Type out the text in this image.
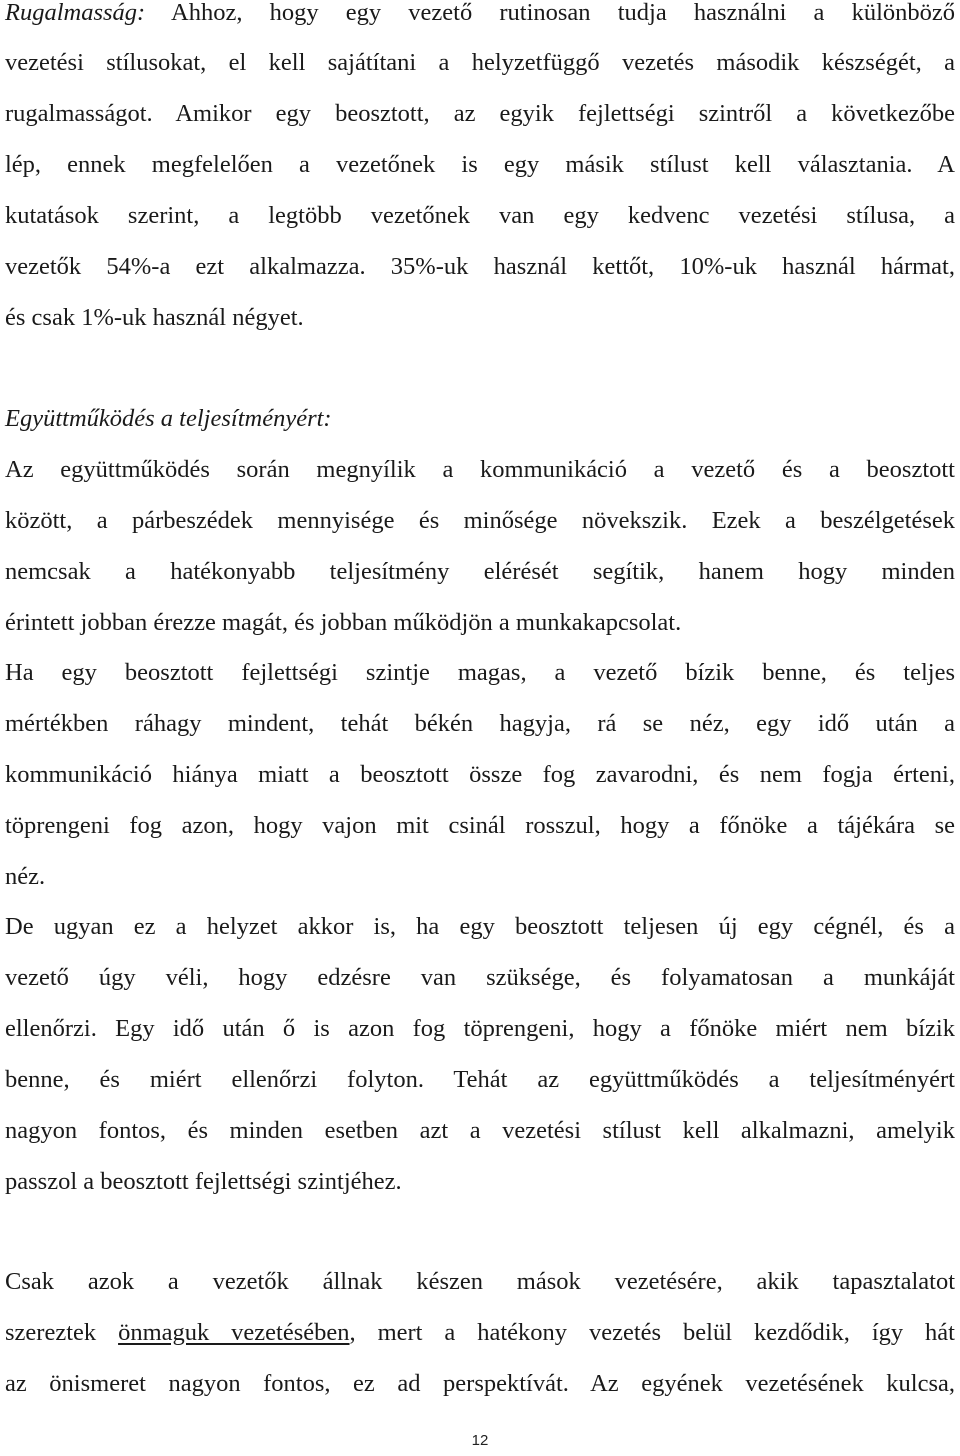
Rugalmasság: Ahhoz, hogy egy vezető rutinosan tudja használni a különböző
vezetési stílusokat, el kell sajátítani a helyzetfüggő vezetés második készségét, a
rugalmasságot. Amikor egy beosztott, az egyik fejlettségi szintről a következőbe
lép, ennek megfelelően a vezetőnek is egy másik stílust kell választania. A
kutatások szerint, a legtöbb vezetőnek van egy kedvenc vezetési stílusa, a
vezetők 54%-a ezt alkalmazza. 35%-uk használ kettőt, 10%-uk használ hármat,
és csak 1%-uk használ négyet.
Együttműködés a teljesítményért:
Az együttműködés során megnyílik a kommunikáció a vezető és a beosztott
között, a párbeszédek mennyisége és minősége növekszik. Ezek a beszélgetések
nemcsak a hatékonyabb teljesítmény elérését segítik, hanem hogy minden
érintett jobban érezze magát, és jobban működjön a munkakapcsolat.
Ha egy beosztott fejlettségi szintje magas, a vezető bízik benne, és teljes
mértékben ráhagy mindent, tehát békén hagyja, rá se néz, egy idő után a
kommunikáció hiánya miatt a beosztott össze fog zavarodni, és nem fogja érteni,
töprengeni fog azon, hogy vajon mit csinál rosszul, hogy a főnöke a tájékára se
néz.
De ugyan ez a helyzet akkor is, ha egy beosztott teljesen új egy cégnél, és a
vezető úgy véli, hogy edzésre van szüksége, és folyamatosan a munkáját
ellenőrzi. Egy idő után ő is azon fog töprengeni, hogy a főnöke miért nem bízik
benne, és miért ellenőrzi folyton. Tehát az együttműködés a teljesítményért
nagyon fontos, és minden esetben azt a vezetési stílust kell alkalmazni, amelyik
passzol a beosztott fejlettségi szintjéhez.
Csak azok a vezetők állnak készen mások vezetésére, akik tapasztalatot
szereztek önmaguk vezetésében, mert a hatékony vezetés belül kezdődik, így hát
az önismeret nagyon fontos, ez ad perspektívát. Az egyének vezetésének kulcsa,
12
